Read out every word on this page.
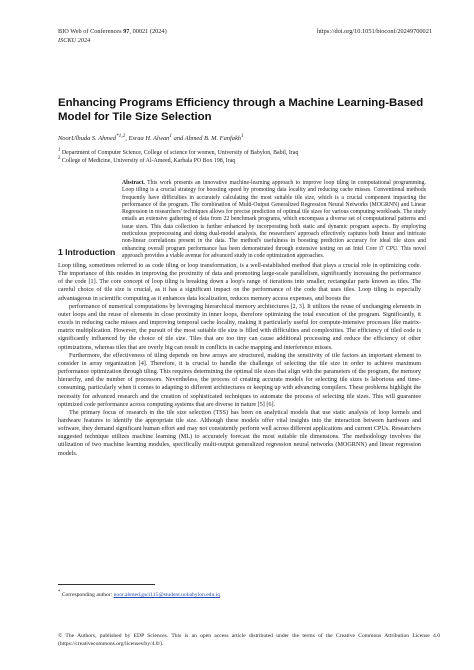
BIO Web of Conferences 97, 00021 (2024)
ISCKU 2024
https://doi.org/10.1051/bioconf/20249700021
Enhancing Programs Efficiency through a Machine Learning-Based Model for Tile Size Selection
NoorUlhuda S. Ahmed$^{*1,2}$, Esraa H. Alwan$^1$ and Ahmed B. M. Fanfakh$^1$
$^1$ Department of Computer Science, College of science for women, University of Babylon, Babil, Iraq
$^2$ College of Medicine, University of Al-Ameed, Karbala PO Box 198, Iraq
Abstract. This work presents an innovative machine-learning approach to improve loop tiling in computational programming. Loop tiling is a crucial strategy for boosting speed by promoting data locality and reducing cache misses. Conventional methods frequently have difficulties in accurately calculating the most suitable tile size, which is a crucial component impacting the performance of the program. The combination of Multi-Output Generalized Regression Neural Networks (MOGRNN) and Linear Regression in researchers' techniques allows for precise prediction of optimal tile sizes for various computing workloads. The study entails an extensive gathering of data from 22 benchmark programs, which encompass a diverse set of computational patterns and issue sizes. This data collection is further enhanced by incorporating both static and dynamic program aspects. By employing meticulous preprocessing and doing dual-model analysis, the researchers' approach effectively captures both linear and intricate non-linear correlations present in the data. The method's usefulness in boosting prediction accuracy for ideal tile sizes and enhancing overall program performance has been demonstrated through extensive testing on an Intel Core i7 CPU. This novel approach provides a viable avenue for advanced study in code optimization approaches.
1 Introduction

Loop tiling, sometimes referred to as code tiling or loop transformation, is a well-established method that plays a crucial role in optimizing code. The importance of this resides in improving the proximity of data and promoting large-scale parallelism, significantly increasing the performance of the code [1]. The core concept of loop tiling is breaking down a loop's range of iterations into smaller, rectangular parts known as tiles. The careful choice of tile size is crucial, as it has a significant impact on the performance of the code that uses tiles. Loop tiling is especially advantageous in scientific computing as it enhances data localization, reduces memory access expenses, and boosts the

performance of numerical computations by leveraging hierarchical memory architectures [2, 3]. It utilizes the reuse of unchanging elements in outer loops and the reuse of elements in close proximity in inner loops, therefore optimizing the total execution of the program. Significantly, it excels in reducing cache misses and improving temporal cache locality, making it particularly useful for compute-intensive processes like matrix-matrix multiplication. However, the pursuit of the most suitable tile size is filled with difficulties and complexities. The efficiency of tiled code is significantly influenced by the choice of tile size. Tiles that are too tiny can cause additional processing and reduce the efficiency of other optimizations, whereas tiles that are overly big can result in conflicts in cache mapping and interference misses.

Furthermore, the effectiveness of tiling depends on how arrays are structured, making the sensitivity of tile factors an important element to consider in array organization [4]. Therefore, it is crucial to handle the challenge of selecting the tile size in order to achieve maximum performance optimization through tiling. This requires determining the optimal tile sizes that align with the parameters of the program, the memory hierarchy, and the number of processors. Nevertheless, the process of creating accurate models for selecting tile sizes is laborious and time-consuming, particularly when it comes to adapting to different architectures or keeping up with advancing compilers. These problems highlight the necessity for advanced research and the creation of sophisticated techniques to automate the process of selecting tile sizes. This will guarantee optimized code performance across computing systems that are diverse in nature [5] [6].

The primary focus of research in the tile size selection (TSS) has been on analytical models that use static analysis of loop kernels and hardware features to identify the appropriate tile size. Although these models offer vital insights into the interaction between hardware and software, they demand significant human effort and may not consistently perform well across different applications and current CPUs. Researchers suggested technique utilizes machine learning (ML) to accurately forecast the most suitable tile dimensions. The methodology involves the utilization of two machine learning modules, specifically multi-output generalized regression neural networks (MOGRNN) and linear regression models.

* Corresponding author: noor.ahmed.gsci115@student.uobabylon.edu.iq
© The Authors, published by EDP Sciences. This is an open access article distributed under the terms of the Creative Commons Attribution License 4.0 (https://creativecommons.org/licenses/by/4.0/).
